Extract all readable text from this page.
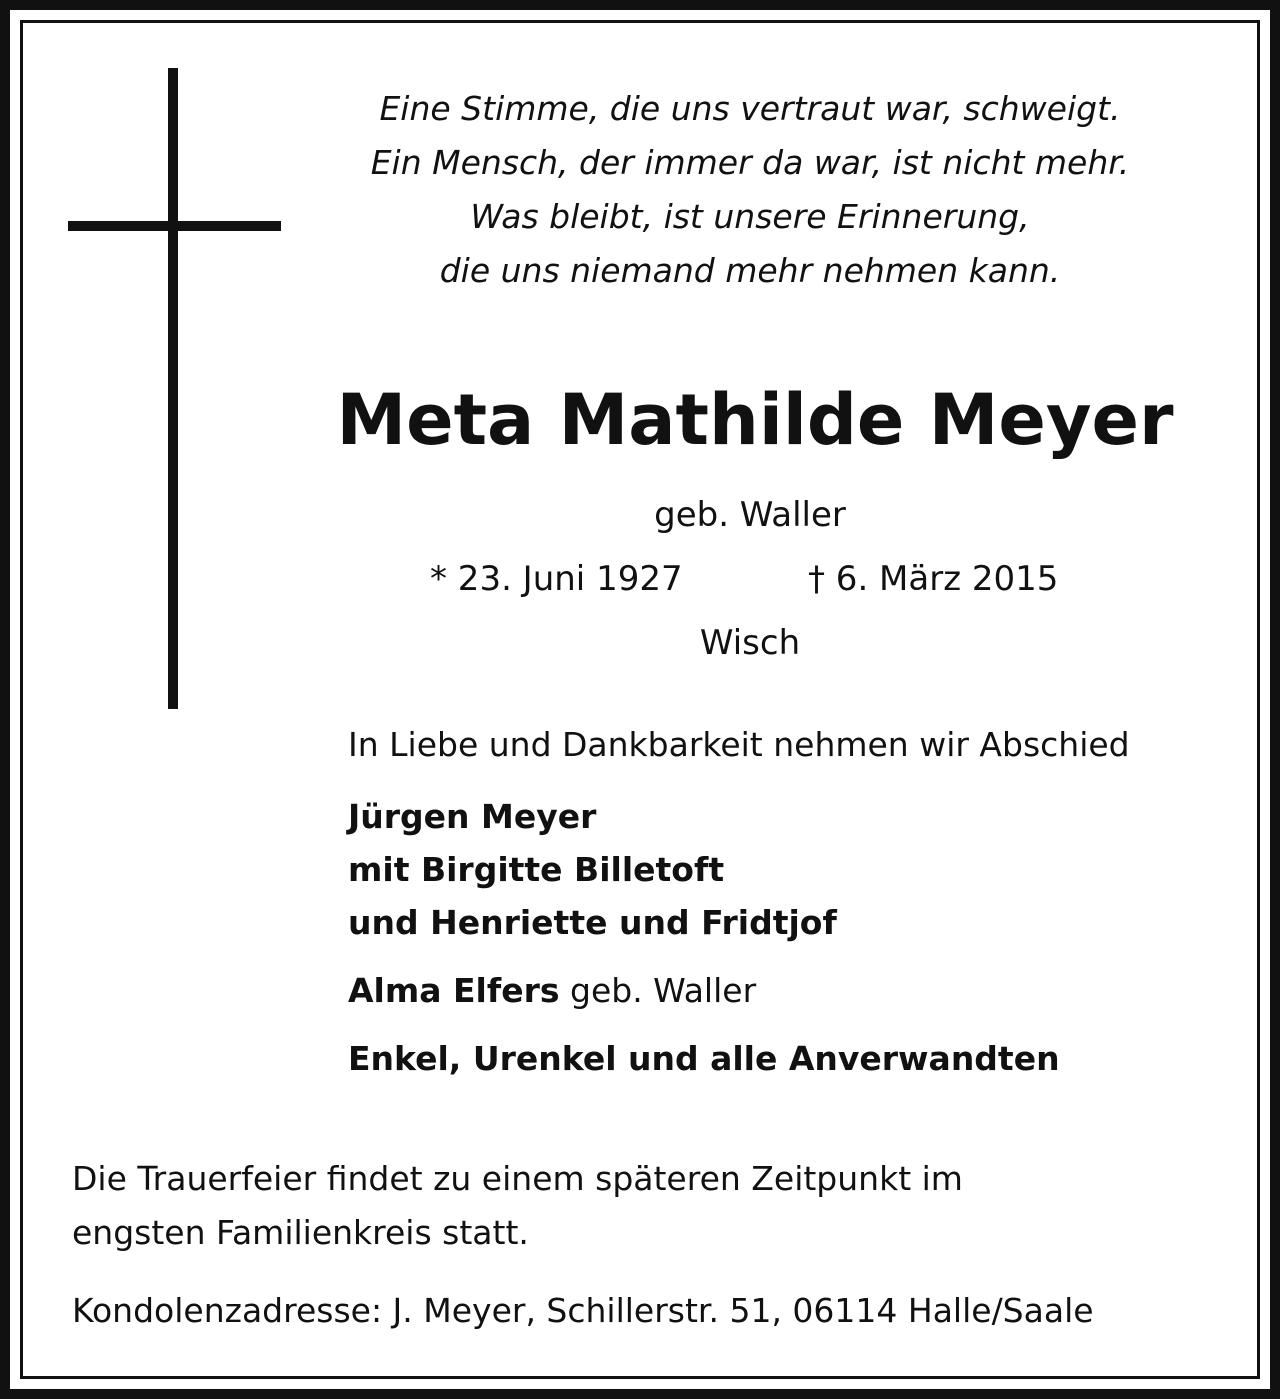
Eine Stimme, die uns vertraut war, schweigt.
Ein Mensch, der immer da war, ist nicht mehr.
Was bleibt, ist unsere Erinnerung,
die uns niemand mehr nehmen kann.
Meta Mathilde Meyer
geb. Waller
* 23. Juni 1927	† 6. März 2015
Wisch
In Liebe und Dankbarkeit nehmen wir Abschied
Jürgen Meyer
mit Birgitte Billetoft
und Henriette und Fridtjof
Alma Elfers geb. Waller
Enkel, Urenkel und alle Anverwandten
Die Trauerfeier findet zu einem späteren Zeitpunkt im
engsten Familienkreis statt.
Kondolenzadresse: J. Meyer, Schillerstr. 51, 06114 Halle/Saale
